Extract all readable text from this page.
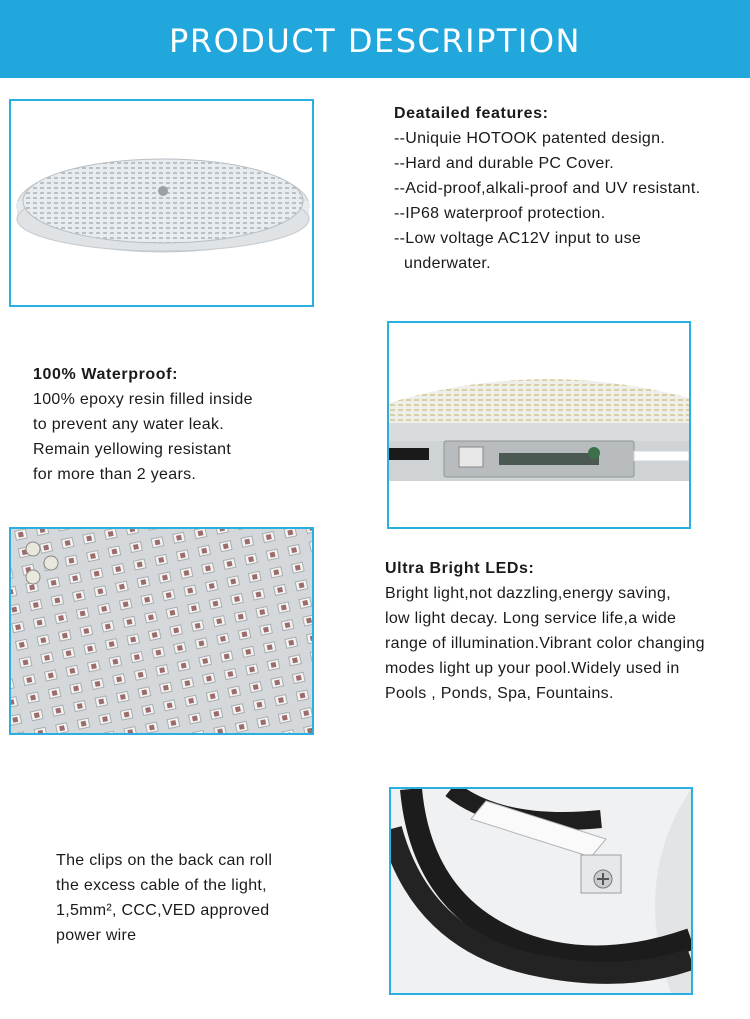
PRODUCT DESCRIPTION
Deatailed features:
--Uniquie HOTOOK patented design.
--Hard and durable PC Cover.
--Acid-proof,alkali-proof and UV resistant.
--IP68 waterproof protection.
--Low voltage AC12V input to use
underwater.
100% Waterproof:
100% epoxy resin filled inside
to prevent any water leak.
Remain yellowing resistant
for more than 2 years.
Ultra Bright LEDs:
Bright light,not dazzling,energy saving,
low light decay. Long service life,a wide
range of illumination.Vibrant color changing
modes light up your pool.Widely used in
Pools , Ponds, Spa, Fountains.
The clips on the back can roll
the excess cable of the light,
1,5mm², CCC,VED approved
power wire
